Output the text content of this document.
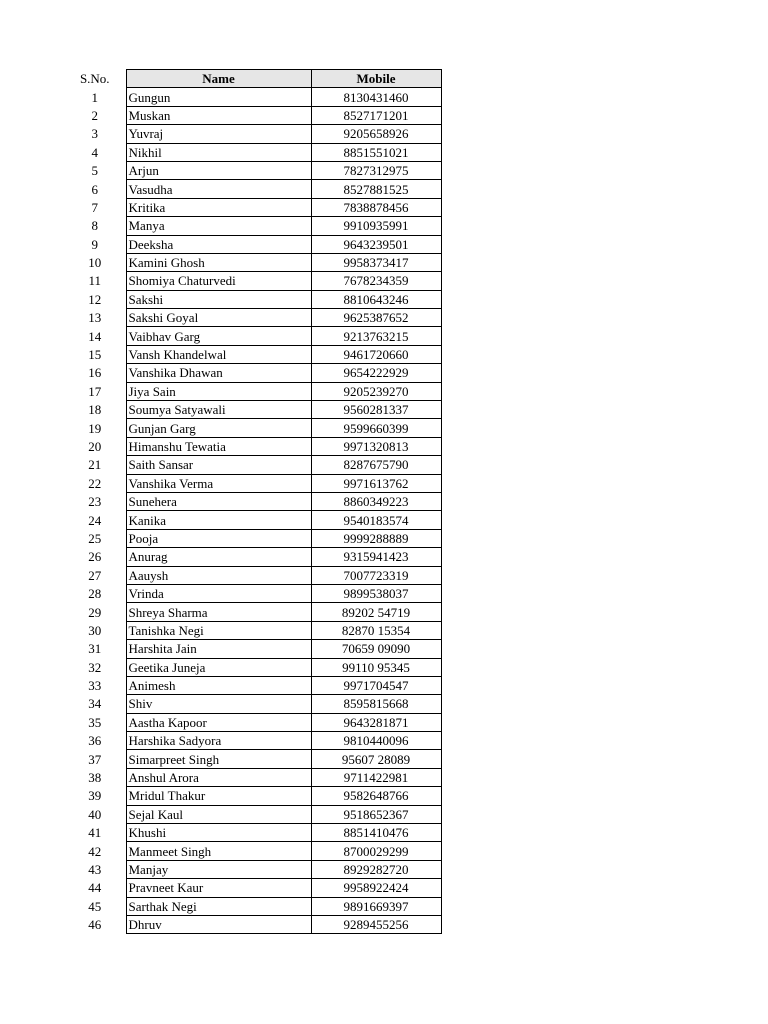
S.No.	Name	Mobile
1	Gungun	8130431460
2	Muskan	8527171201
3	Yuvraj	9205658926
4	Nikhil	8851551021
5	Arjun	7827312975
6	Vasudha	8527881525
7	Kritika	7838878456
8	Manya	9910935991
9	Deeksha	9643239501
10	Kamini Ghosh	9958373417
11	Shomiya Chaturvedi	7678234359
12	Sakshi	8810643246
13	Sakshi Goyal	9625387652
14	Vaibhav Garg	9213763215
15	Vansh Khandelwal	9461720660
16	Vanshika Dhawan	9654222929
17	Jiya Sain	9205239270
18	Soumya Satyawali	9560281337
19	Gunjan Garg	9599660399
20	Himanshu Tewatia	9971320813
21	Saith Sansar	8287675790
22	Vanshika Verma	9971613762
23	Sunehera	8860349223
24	Kanika	9540183574
25	Pooja	9999288889
26	Anurag	9315941423
27	Aauysh	7007723319
28	Vrinda	9899538037
29	Shreya Sharma	89202 54719
30	Tanishka Negi	82870 15354
31	Harshita Jain	70659 09090
32	Geetika Juneja	99110 95345
33	Animesh	9971704547
34	Shiv	8595815668
35	Aastha Kapoor	9643281871
36	Harshika Sadyora	9810440096
37	Simarpreet Singh	95607 28089
38	Anshul Arora	9711422981
39	Mridul Thakur	9582648766
40	Sejal Kaul	9518652367
41	Khushi	8851410476
42	Manmeet Singh	8700029299
43	Manjay	8929282720
44	Pravneet Kaur	9958922424
45	Sarthak Negi	9891669397
46	Dhruv	9289455256
